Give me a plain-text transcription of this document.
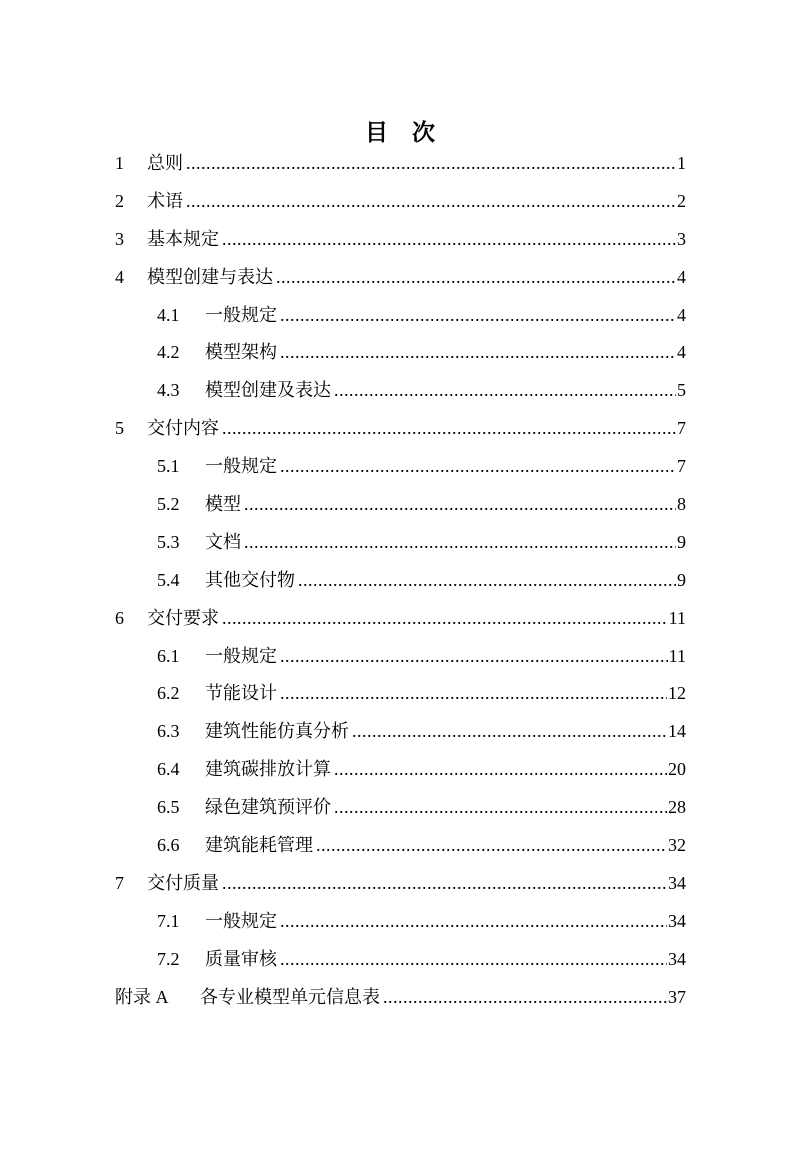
目 次
1	总则 .....	1
2	术语 .....	2
3	基本规定 .....	3
4	模型创建与表达 .....	4
4.1	一般规定 .....	4
4.2	模型架构 .....	4
4.3	模型创建及表达 .....	5
5	交付内容 .....	7
5.1	一般规定 .....	7
5.2	模型 .....	8
5.3	文档 .....	9
5.4	其他交付物 .....	9
6	交付要求 .....	11
6.1	一般规定 .....	11
6.2	节能设计 .....	12
6.3	建筑性能仿真分析 .....	14
6.4	建筑碳排放计算 .....	20
6.5	绿色建筑预评价 .....	28
6.6	建筑能耗管理 .....	32
7	交付质量 .....	34
7.1	一般规定 .....	34
7.2	质量审核 .....	34
附录 A	各专业模型单元信息表 .....	37
